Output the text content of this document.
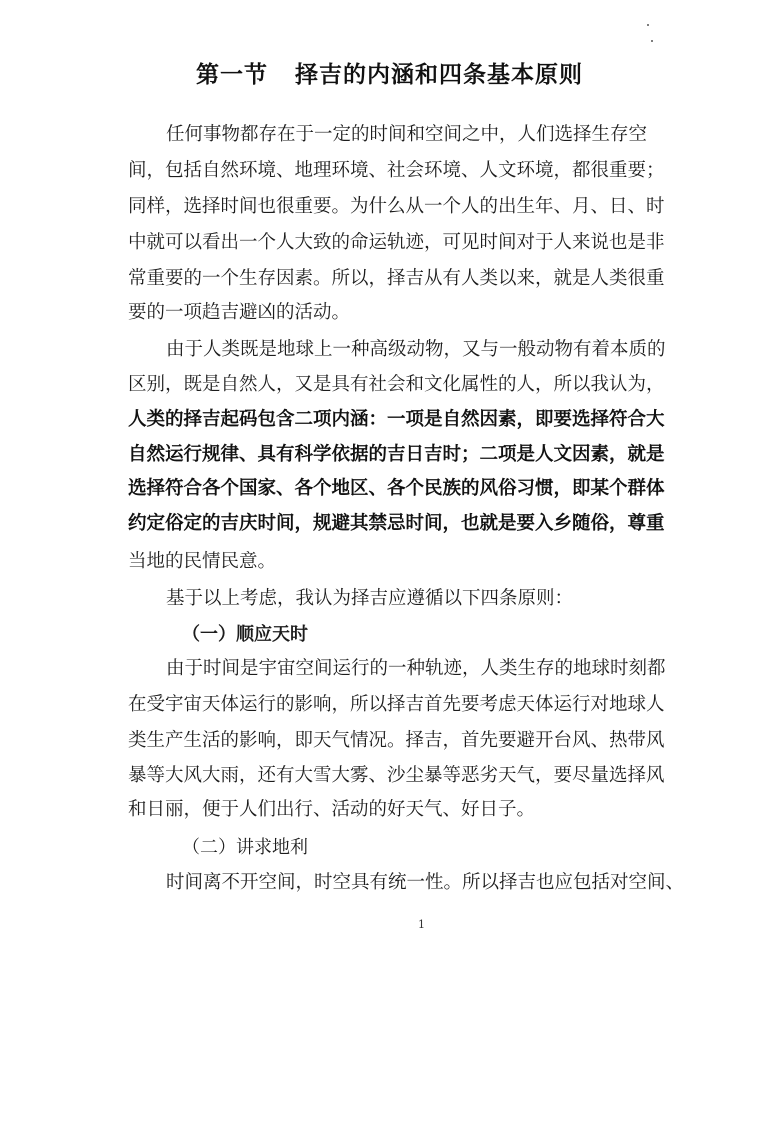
第一节   择吉的内涵和四条基本原则
任何事物都存在于一定的时间和空间之中，人们选择生存空
间，包括自然环境、地理环境、社会环境、人文环境，都很重要；
同样，选择时间也很重要。为什么从一个人的出生年、月、日、时
中就可以看出一个人大致的命运轨迹，可见时间对于人来说也是非
常重要的一个生存因素。所以，择吉从有人类以来，就是人类很重
要的一项趋吉避凶的活动。
由于人类既是地球上一种高级动物，又与一般动物有着本质的
区别，既是自然人，又是具有社会和文化属性的人，所以我认为，
人类的择吉起码包含二项内涵：一项是自然因素，即要选择符合大
自然运行规律、具有科学依据的吉日吉时；二项是人文因素，就是
选择符合各个国家、各个地区、各个民族的风俗习惯，即某个群体
约定俗定的吉庆时间，规避其禁忌时间，也就是要入乡随俗，尊重
当地的民情民意。
基于以上考虑，我认为择吉应遵循以下四条原则：
（一）顺应天时
由于时间是宇宙空间运行的一种轨迹，人类生存的地球时刻都
在受宇宙天体运行的影响，所以择吉首先要考虑天体运行对地球人
类生产生活的影响，即天气情况。择吉，首先要避开台风、热带风
暴等大风大雨，还有大雪大雾、沙尘暴等恶劣天气，要尽量选择风
和日丽，便于人们出行、活动的好天气、好日子。
（二）讲求地利
时间离不开空间，时空具有统一性。所以择吉也应包括对空间、
1
